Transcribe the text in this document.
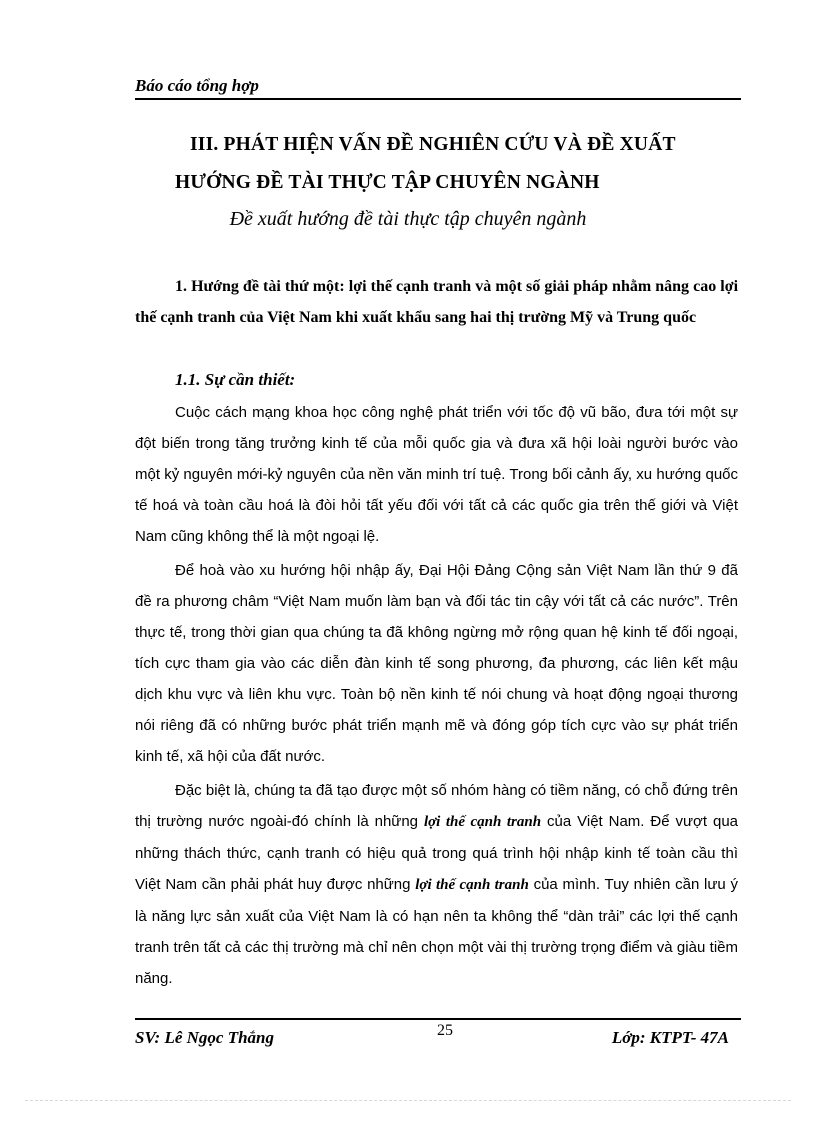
Báo cáo tổng hợp
III. PHÁT HIỆN VẤN ĐỀ NGHIÊN CỨU VÀ ĐỀ XUẤT
HƯỚNG ĐỀ TÀI THỰC TẬP CHUYÊN NGÀNH
Đề xuất hướng đề tài thực tập chuyên ngành

1. Hướng đề tài thứ một: lợi thế cạnh tranh và một số giải pháp nhằm nâng cao lợi thế cạnh tranh của Việt Nam khi xuất khẩu sang hai thị trường Mỹ và Trung quốc

1.1. Sự cần thiết:

Cuộc cách mạng khoa học công nghệ phát triển với tốc độ vũ bão, đưa tới một sự đột biến trong tăng trưởng kinh tế của mỗi quốc gia và đưa xã hội loài người bước vào một kỷ nguyên mới-kỷ nguyên của nền văn minh trí tuệ. Trong bối cảnh ấy, xu hướng quốc tế hoá và toàn cầu hoá là đòi hỏi tất yếu đối với tất cả các quốc gia trên thế giới và Việt Nam cũng không thể là một ngoại lệ.

Để hoà vào xu hướng hội nhập ấy, Đại Hội Đảng Cộng sản Việt Nam lần thứ 9 đã đề ra phương châm “Việt Nam muốn làm bạn và đối tác tin cậy với tất cả các nước”. Trên thực tế, trong thời gian qua chúng ta đã không ngừng mở rộng quan hệ kinh tế đối ngoại, tích cực tham gia vào các diễn đàn kinh tế song phương, đa phương, các liên kết mậu dịch khu vực và liên khu vực. Toàn bộ nền kinh tế nói chung và hoạt động ngoại thương nói riêng đã có những bước phát triển mạnh mẽ và đóng góp tích cực vào sự phát triển kinh tế, xã hội của đất nước.

Đặc biệt là, chúng ta đã tạo được một số nhóm hàng có tiềm năng, có chỗ đứng trên thị trường nước ngoài-đó chính là những lợi thế cạnh tranh của Việt Nam. Để vượt qua những thách thức, cạnh tranh có hiệu quả trong quá trình hội nhập kinh tế toàn cầu thì Việt Nam cần phải phát huy được những lợi thế cạnh tranh của mình. Tuy nhiên cần lưu ý là năng lực sản xuất của Việt Nam là có hạn nên ta không thể “dàn trải” các lợi thế cạnh tranh trên tất cả các thị trường mà chỉ nên chọn một vài thị trường trọng điểm và giàu tiềm năng.

SV: Lê Ngọc Thắng	25	Lớp: KTPT- 47A
